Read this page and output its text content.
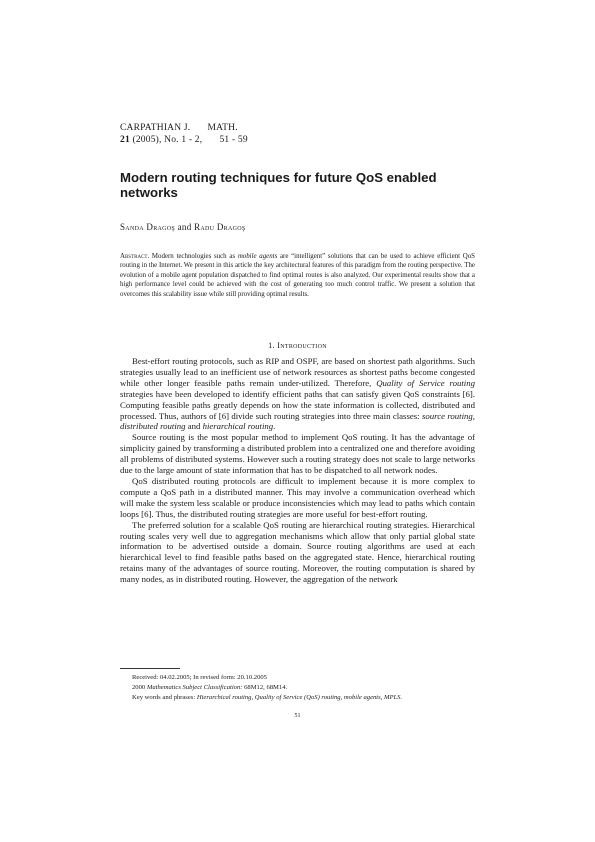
CARPATHIAN J. MATH.
21 (2005), No. 1 - 2, 51 - 59
Modern routing techniques for future QoS enabled networks
Sanda Dragoş and Radu Dragoş
Abstract. Modern technologies such as mobile agents are “intelligent” solutions that can be used to achieve efficient QoS routing in the Internet. We present in this article the key architectural features of this paradigm from the routing perspective. The evolution of a mobile agent population dispatched to find optimal routes is also analyzed. Our experimental results show that a high performance level could be achieved with the cost of generating too much control traffic. We present a solution that overcomes this scalability issue while still providing optimal results.
1. Introduction

Best-effort routing protocols, such as RIP and OSPF, are based on shortest path algorithms. Such strategies usually lead to an inefficient use of network resources as shortest paths become congested while other longer feasible paths remain under-utilized. Therefore, Quality of Service routing strategies have been developed to identify efficient paths that can satisfy given QoS constraints [6]. Computing feasible paths greatly depends on how the state information is collected, distributed and processed. Thus, authors of [6] divide such routing strategies into three main classes: source routing, distributed routing and hierarchical routing.

Source routing is the most popular method to implement QoS routing. It has the advantage of simplicity gained by transforming a distributed problem into a centralized one and therefore avoiding all problems of distributed systems. However such a routing strategy does not scale to large networks due to the large amount of state information that has to be dispatched to all network nodes.

QoS distributed routing protocols are difficult to implement because it is more complex to compute a QoS path in a distributed manner. This may involve a communication overhead which will make the system less scalable or produce inconsistencies which may lead to paths which contain loops [6]. Thus, the distributed routing strategies are more useful for best-effort routing.

The preferred solution for a scalable QoS routing are hierarchical routing strategies. Hierarchical routing scales very well due to aggregation mechanisms which allow that only partial global state information to be advertised outside a domain. Source routing algorithms are used at each hierarchical level to find feasible paths based on the aggregated state. Hence, hierarchical routing retains many of the advantages of source routing. Moreover, the routing computation is shared by many nodes, as in distributed routing. However, the aggregation of the network

Received: 04.02.2005; In revised form: 20.10.2005
2000 Mathematics Subject Classification: 68M12, 68M14.
Key words and phrases: Hierarchical routing, Quality of Service (QoS) routing, mobile agents, MPLS.
51
